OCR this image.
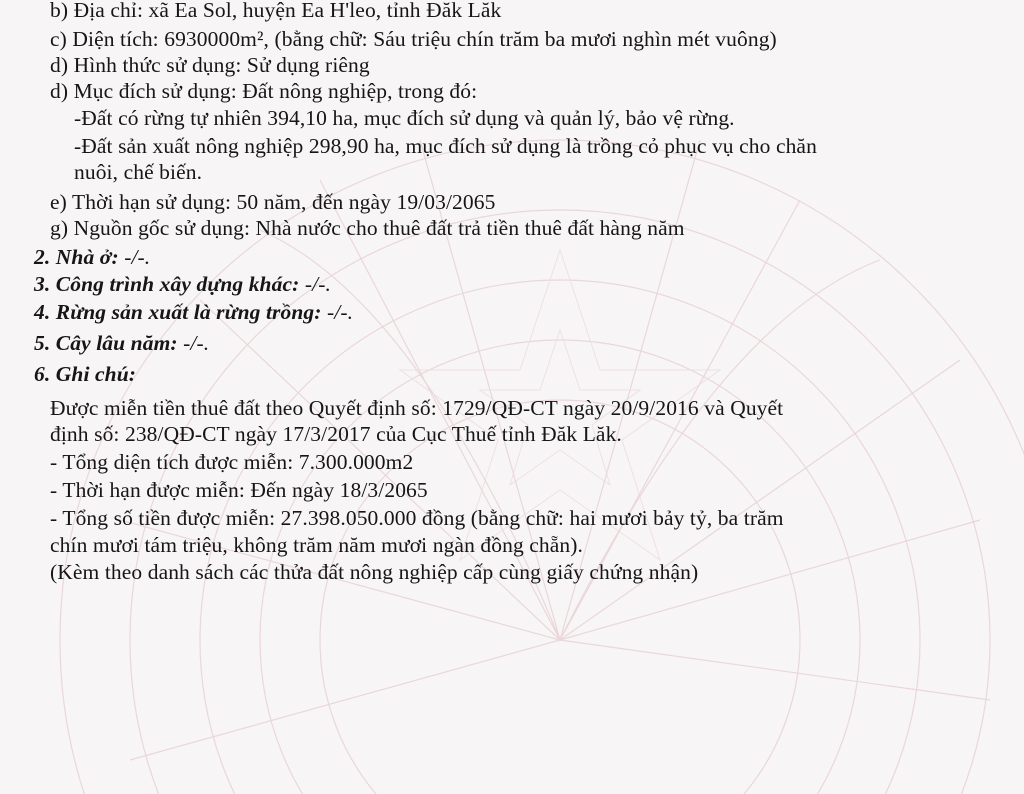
b) Địa chỉ: xã Ea Sol, huyện Ea H'leo, tỉnh Đăk Lăk
c) Diện tích: 6930000m², (bằng chữ: Sáu triệu chín trăm ba mươi nghìn mét vuông)
d) Hình thức sử dụng: Sử dụng riêng
d) Mục đích sử dụng: Đất nông nghiệp, trong đó:
-Đất có rừng tự nhiên 394,10 ha, mục đích sử dụng và quản lý, bảo vệ rừng.
-Đất sản xuất nông nghiệp 298,90 ha, mục đích sử dụng là trồng cỏ phục vụ cho chăn
nuôi, chế biến.
e) Thời hạn sử dụng: 50 năm, đến ngày 19/03/2065
g) Nguồn gốc sử dụng: Nhà nước cho thuê đất trả tiền thuê đất hàng năm
2. Nhà ở: -/-.
3. Công trình xây dựng khác: -/-.
4. Rừng sản xuất là rừng trồng: -/-.
5. Cây lâu năm: -/-.
6. Ghi chú:
Được miễn tiền thuê đất theo Quyết định số: 1729/QĐ-CT ngày 20/9/2016 và Quyết
định số: 238/QĐ-CT ngày 17/3/2017 của Cục Thuế tỉnh Đăk Lăk.
- Tổng diện tích được miễn: 7.300.000m2
- Thời hạn được miễn: Đến ngày 18/3/2065
- Tổng số tiền được miễn: 27.398.050.000 đồng (bằng chữ: hai mươi bảy tỷ, ba trăm
chín mươi tám triệu, không trăm năm mươi ngàn đồng chẵn).
(Kèm theo danh sách các thửa đất nông nghiệp cấp cùng giấy chứng nhận)
